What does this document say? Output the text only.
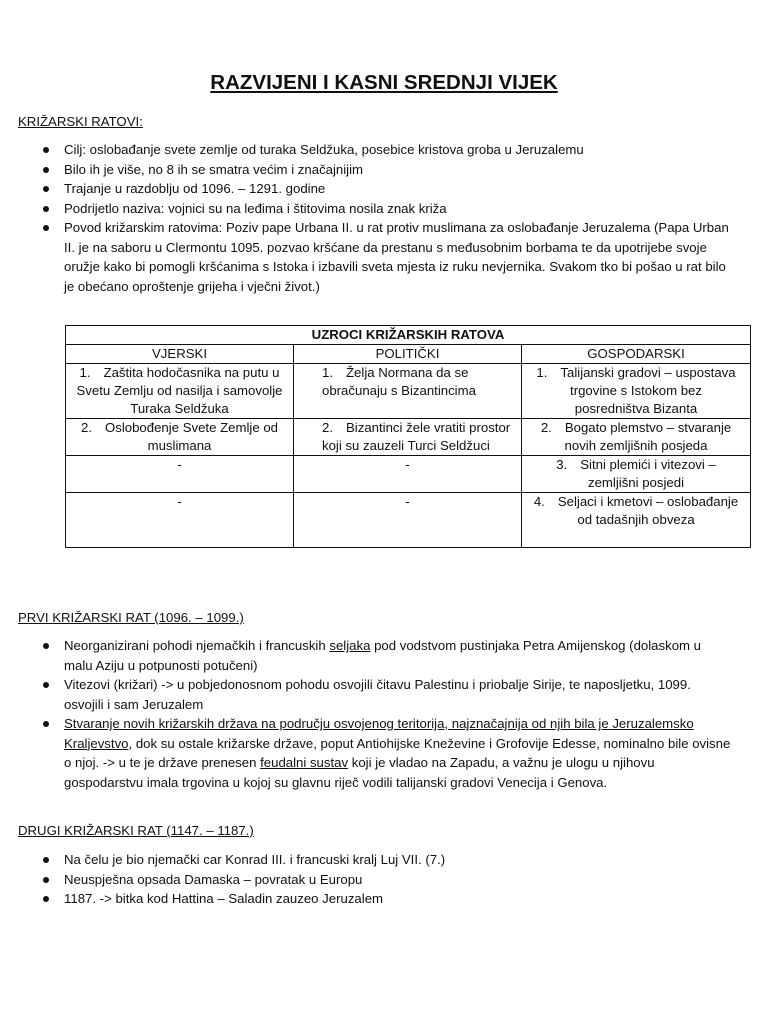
RAZVIJENI I KASNI SREDNJI VIJEK
KRIŽARSKI RATOVI:
Cilj: oslobađanje svete zemlje od turaka Seldžuka, posebice kristova groba u Jeruzalemu
Bilo ih je više, no 8 ih se smatra većim i značajnijim
Trajanje u razdoblju od 1096. – 1291. godine
Podrijetlo naziva: vojnici su na leđima i štitovima nosila znak križa
Povod križarskim ratovima: Poziv pape Urbana II. u rat protiv muslimana za oslobađanje Jeruzalema (Papa Urban II. je na saboru u Clermontu 1095. pozvao kršćane da prestanu s međusobnim borbama te da upotrijebe svoje oružje kako bi pomogli kršćanima s Istoka i izbavili sveta mjesta iz ruku nevjernika. Svakom tko bi pošao u rat bilo je obećano oproštenje grijeha i vječni život.)
UZROCI KRIŽARSKIH RATOVA		
VJERSKI	POLITIČKI	GOSPODARSKI

1. Zaštita hodočasnika na putu u Svetu Zemlju od nasilja i samovolje Turaka Seldžuka	1. Želja Normana da se obračunaju s Bizantincima	1. Talijanski gradovi – uspostava trgovine s Istokom bez posredništva Bizanta

2. Oslobođenje Svete Zemlje od muslimana	2. Bizantinci žele vratiti prostor koji su zauzeli Turci Seldžuci	2. Bogato plemstvo – stvaranje novih zemljišnih posjeda

-	-	3. Sitni plemići i vitezovi – zemljišni posjedi

-	-	4. Seljaci i kmetovi – oslobađanje od tadašnjih obveza
PRVI KRIŽARSKI RAT (1096. – 1099.)
Neorganizirani pohodi njemačkih i francuskih seljaka pod vodstvom pustinjaka Petra Amijenskog (dolaskom u malu Aziju u potpunosti potučeni)
Vitezovi (križari) -> u pobjedonosnom pohodu osvojili čitavu Palestinu i priobalje Sirije, te naposljetku, 1099. osvojili i sam Jeruzalem
Stvaranje novih križarskih država na području osvojenog teritorija, najznačajnija od njih bila je Jeruzalemsko Kraljevstvo, dok su ostale križarske države, poput Antiohijske Kneževine i Grofovije Edesse, nominalno bile ovisne o njoj. -> u te je države prenesen feudalni sustav koji je vladao na Zapadu, a važnu je ulogu u njihovu gospodarstvu imala trgovina u kojoj su glavnu riječ vodili talijanski gradovi Venecija i Genova.
DRUGI KRIŽARSKI RAT (1147. – 1187.)
Na čelu je bio njemački car Konrad III. i francuski kralj Luj VII. (7.)
Neuspješna opsada Damaska – povratak u Europu
1187. -> bitka kod Hattina – Saladin zauzeo Jeruzalem
